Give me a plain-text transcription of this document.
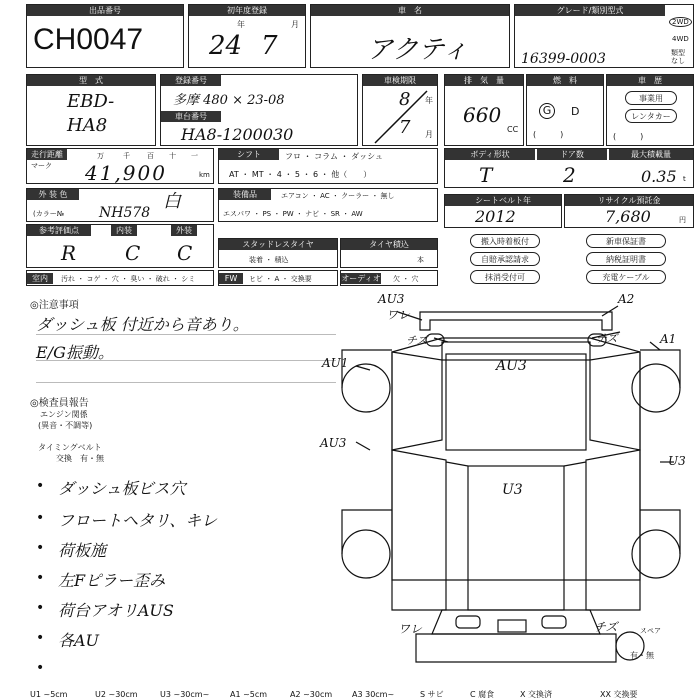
出品番号
CH0047
初年度登録
年	月
24 7
車　名
アクティ
グレード/類別型式
16399-0003
2WD
4WD
類型なし
型　式
EBD-
HA8
登録番号
多摩 480 × 23-08
車台番号
HA8-1200030
車検期限
年
月
8
7
排　気　量
660
CC
燃　料
G	D
(　　　)
車　歴
事業用
レンタカー
(　　　)
走行距離
マーク
万	千 百 十 一
41,900	km
シフト	フロ ・ コラム ・ ダッシュ
AT ・ MT ・ 4 ・ 5 ・ 6 ・ 他（　　）
ボディ形状	ドア数	最大積載量
T	2	0.35 t
外 装 色	白
(カラー№ NH578
装備品	エアコン ・ AC ・ クーラー ・ 無し
エスパワ ・ PS ・ PW ・ ナビ ・ SR ・ AW
シートベルト年
2012
リサイクル預託金
7,680	円
参考評価点	内装	外装
R C C	スタッドレスタイヤ
装着 ・ 積込
タイヤ積込
本
室内	汚れ ・ コゲ ・ 穴 ・ 臭い ・ 破れ ・ シミ	FW	ヒビ ・ A ・ 交換要	オーディオ 欠 ・ 穴
搬入時着板付
自賠承認請求
抹消受付可
新車保証書
納税証明書
充電ケーブル
◎注意事項
ダッシュ板 付近から音あり。
E/G振動。
◎検査員報告
エンジン関係
(異音・不調等)
タイミングベルト
交換　有・無
• ダッシュ板ビス穴
• フロートヘタリ、キレ
• 荷板施
• 左Fピラー歪み
• 荷台アオリAUS
• 各AU
•
AU3
ワレ
A2
チズ	チズ	A1
AU3
AU1
AU3
U3
U3
ワレ	チズ	スペア
有・無
U1 ~5cm	U2 ~30cm	U3 ~30cm~	A1 ~5cm	A2 ~30cm A3 30cm~	S サビ	C 腐食	X 交換済	XX 交換要
